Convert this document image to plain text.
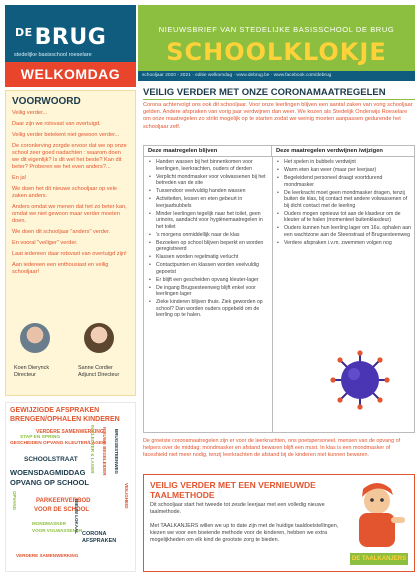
$^{DE}$BRUG
stedelijke basisschool roeselare
WELKOMDAG
NIEUWSBRIEF VAN STEDELIJKE BASISSCHOOL DE BRUG
SCHOOLKLOKJE
schooljaar 2020 - 2021 · editie welkomdag · www.debrug.be · www.facebook.com/debrug
VOORWOORD
Veilig verder...
Daar zijn we rotsvast van overtuigd.
Veilig verder betekent niet gewoon verder...
De coronlerving zorgde ervoor dat we op onze school zeer goed nadachten : waarom doen we dit eigenlijk? Is dit wel het beste? Kan dit beter? Proberen we het even anders?...
En ja!
We doen het dit nieuwe schooljaar op vele zaken anders.
Anders omdat we menen dat het zo beter kan, omdat we niet gewoon maar verder moeten doen.
We doen dit schooljaar "anders" verder.
En vooral "veiliger" verder.
Laat iedereen daar rotsvast van overtuigd zijn!
Aan iedereen een enthousiast en veilig schooljaar!
Koen Dierynck
Directeur
Sanne Cordier
Adjunct Directeur
GEWIJZIGDE AFSPRAKEN
BRENGEN/OPHALEN KINDEREN
VERDERE SAMENWERKING
STAP EN SPRING
GESCHEIDEN OPVANG KLEUTER/LAGER
SCHOOLSTRAAT
WOENSDAGMIDDAG
OPVANG OP SCHOOL
PARKEERVERBOD
VOOR DE SCHOOL
MONDMASKER
VOOR VOLWASSENEN
CORONA
AFSPRAKEN
VERDERE SAMENWERKING
IN KLEUTER & LAGER NIEUWE BEGELEIDER BRUGSESTEENWEG
OPVANG	VEILIGHEID
NIEUW LOKAAL
VEILIG VERDER MET ONZE CORONAMAATREGELEN
Corona achtervolgt ons ook dit schooljaar. Voor onze leerlingen blijven een aantal zaken van vorig schooljaar gelden. Andere afspraken van vorig jaar verdwijnen dan weer. We kozen als Stedelijk Onderwijs Roeselare om onze maatregelen zo strikt mogelijk op te starten zodat we weinig moeten aanpassen gedurende het schooljaar zelf.
Deze maatregelen blijven	Deze maatregelen verdwijnen /wijzigen
• Handen wassen bij het binnenkomen voor leerlingen, leerkrachten, ouders of derden
• Verplicht mondmasker voor volwassenen bij het betreden van de site
• Tussendoor veelvuldig handen wassen
• Activiteiten, lessen en eten gebeurt in leerjaarbubbels
• Minder leerlingen tegelijk naar het toilet, geen urinoirs, aandacht voor hygiënemaatregelen in het toilet
• 's morgens onmiddellijk naar de klas
• Bezoeken op school blijven beperkt en worden geregistreerd
• Klassen worden regelmatig verlucht
• Contactpunten en klassen worden veelvuldig gepoetst
• Er blijft een gescheiden opvang kleuter-lager
• De ingang Brugsesteenweg blijft enkel voor leerlingen lager
• Zieke kinderen blijven thuis. Ziek geworden op school? Dan worden ouders opgebeld om de leerling op te halen.
• Het spelen in bubbels verdwijnt
• Warm eten kan weer (maar per leerjaar)
• Begeleidend personeel draagt voortdurend mondmasker
• De leerkracht moet geen mondmasker dragen, tenzij buiten de klas, bij contact met andere volwassenen of bij dicht contact met de leerling
• Ouders mogen opnieuw tot aan de klasdeur om de kleuter af te halen (momenteel buitenklasdeur)
• Ouders kunnen hun leerling lager om 16u. ophalen aan een wachtzone aan de Steenstraat of Brugsesteenweg
• Verdere afspraken i.v.m. zwemmen volgen nog
De groeiste coronamaatregelen zijn er voor de leerkrachten, ons poetspersoneel, mensen van de opvang of helpers over de middag: mondmasker en afstand bewaren blijft een must. In klas is een mondmasker of faceshield niet meer nodig, tenzij leerkrachten de afstand bij de kinderen niet kunnen bewaren.
VEILIG VERDER MET EEN VERNIEUWDE TAALMETHODE
Dit schooljaar start het tweede tot zesde leerjaar met een volledig nieuwe taalmethode.
Met TAALKANJERS willen we up to date zijn met de huidige taaldoelstellingen, kiezen we voor een boeiende methode voor de kinderen, hebben we extra mogelijkheden om elk kind de grootste zorg te bieden.
DE TAALKANJERS
